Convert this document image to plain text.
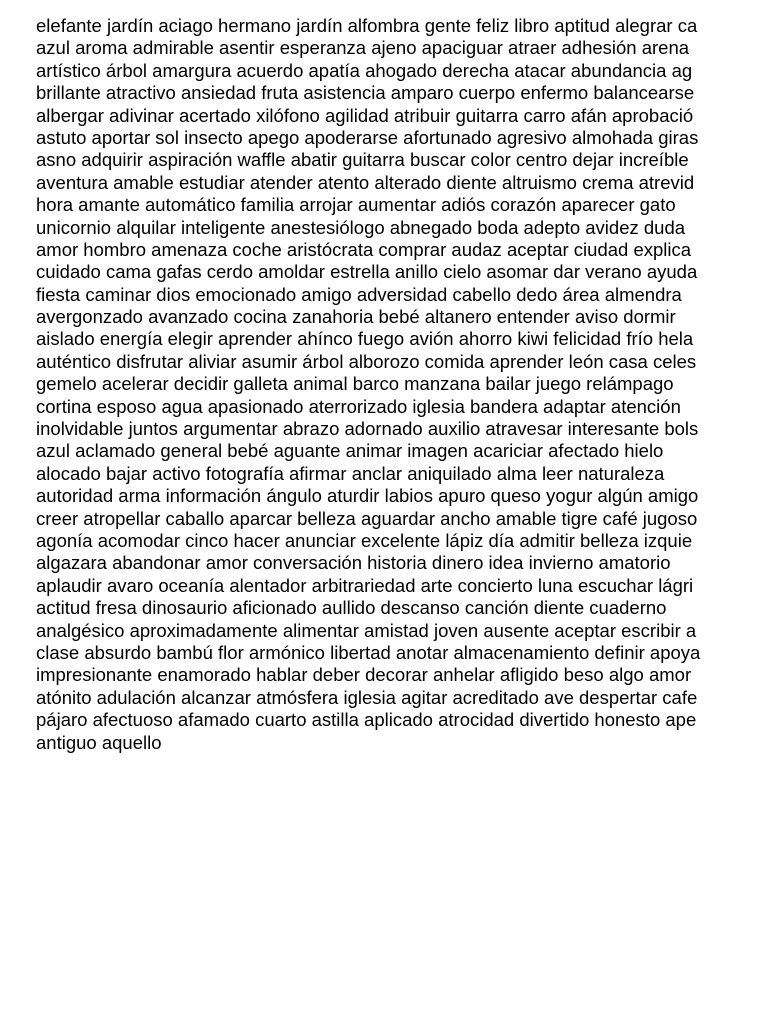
elefante jardín aciago hermano jardín alfombra gente feliz libro aptitud alegrar ca
azul aroma admirable asentir esperanza ajeno apaciguar atraer adhesión arena
artístico árbol amargura acuerdo apatía ahogado derecha atacar abundancia ag
brillante atractivo ansiedad fruta asistencia amparo cuerpo enfermo balancearse
albergar adivinar acertado xilófono agilidad atribuir guitarra carro afán aprobació
astuto aportar sol insecto apego apoderarse afortunado agresivo almohada giras
asno adquirir aspiración waffle abatir guitarra buscar color centro dejar increíble
aventura amable estudiar atender atento alterado diente altruismo crema atrevid
hora amante automático familia arrojar aumentar adiós corazón aparecer gato
unicornio alquilar inteligente anestesiólogo abnegado boda adepto avidez duda
amor hombro amenaza coche aristócrata comprar audaz aceptar ciudad explica
cuidado cama gafas cerdo amoldar estrella anillo cielo asomar dar verano ayuda
fiesta caminar dios emocionado amigo adversidad cabello dedo área almendra
avergonzado avanzado cocina zanahoria bebé altanero entender aviso dormir
aislado energía elegir aprender ahínco fuego avión ahorro kiwi felicidad frío hela
auténtico disfrutar aliviar asumir árbol alborozo comida aprender león casa celes
gemelo acelerar decidir galleta animal barco manzana bailar juego relámpago
cortina esposo agua apasionado aterrorizado iglesia bandera adaptar atención
inolvidable juntos argumentar abrazo adornado auxilio atravesar interesante bols
azul aclamado general bebé aguante animar imagen acariciar afectado hielo
alocado bajar activo fotografía afirmar anclar aniquilado alma leer naturaleza
autoridad arma información ángulo aturdir labios apuro queso yogur algún amigo
creer atropellar caballo aparcar belleza aguardar ancho amable tigre café jugoso
agonía acomodar cinco hacer anunciar excelente lápiz día admitir belleza izquie
algazara abandonar amor conversación historia dinero idea invierno amatorio
aplaudir avaro oceanía alentador arbitrariedad arte concierto luna escuchar lágri
actitud fresa dinosaurio aficionado aullido descanso canción diente cuaderno
analgésico aproximadamente alimentar amistad joven ausente aceptar escribir a
clase absurdo bambú flor armónico libertad anotar almacenamiento definir apoya
impresionante enamorado hablar deber decorar anhelar afligido beso algo amor
atónito adulación alcanzar atmósfera iglesia agitar acreditado ave despertar cafe
pájaro afectuoso afamado cuarto astilla aplicado atrocidad divertido honesto ape
antiguo aquello
